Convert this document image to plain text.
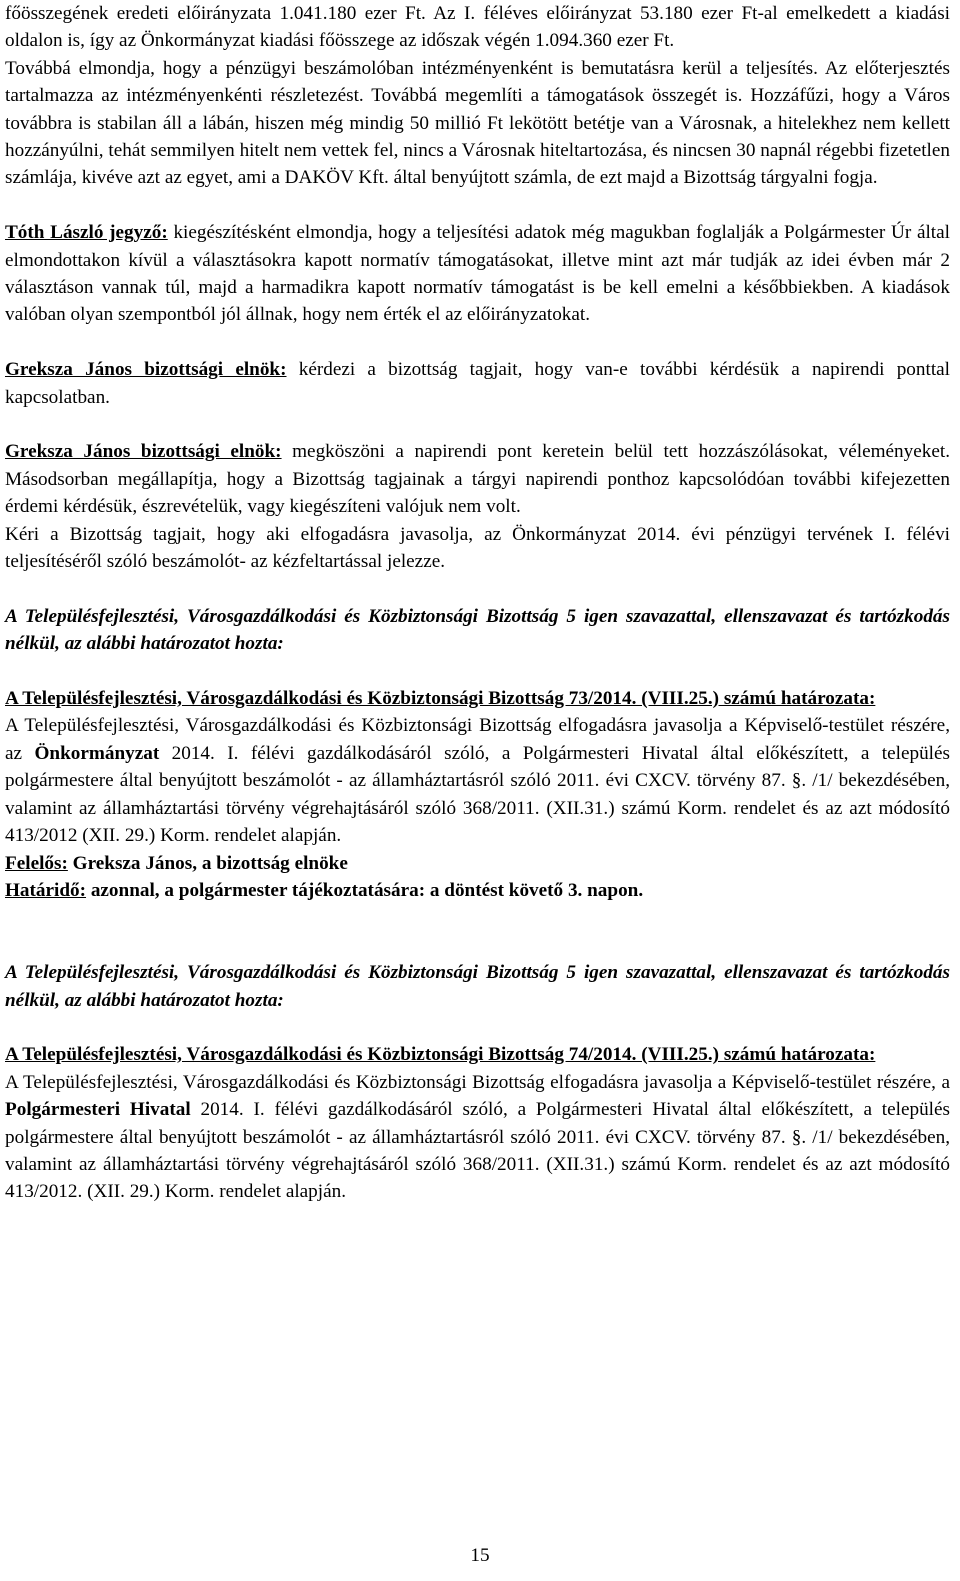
főösszegének eredeti előirányzata 1.041.180 ezer Ft. Az I. féléves előirányzat 53.180 ezer Ft-al emelkedett a kiadási oldalon is, így az Önkormányzat kiadási főösszege az időszak végén 1.094.360 ezer Ft.

Továbbá elmondja, hogy a pénzügyi beszámolóban intézményenként is bemutatásra kerül a teljesítés. Az előterjesztés tartalmazza az intézményenkénti részletezést. Továbbá megemlíti a támogatások összegét is. Hozzáfűzi, hogy a Város továbbra is stabilan áll a lábán, hiszen még mindig 50 millió Ft lekötött betétje van a Városnak, a hitelekhez nem kellett hozzányúlni, tehát semmilyen hitelt nem vettek fel, nincs a Városnak hiteltartozása, és nincsen 30 napnál régebbi fizetetlen számlája, kivéve azt az egyet, ami a DAKÖV Kft. által benyújtott számla, de ezt majd a Bizottság tárgyalni fogja.

Tóth László jegyző: kiegészítésként elmondja, hogy a teljesítési adatok még magukban foglalják a Polgármester Úr által elmondottakon kívül a választásokra kapott normatív támogatásokat, illetve mint azt már tudják az idei évben már 2 választáson vannak túl, majd a harmadikra kapott normatív támogatást is be kell emelni a későbbiekben. A kiadások valóban olyan szempontból jól állnak, hogy nem érték el az előirányzatokat.

Greksza János bizottsági elnök: kérdezi a bizottság tagjait, hogy van-e további kérdésük a napirendi ponttal kapcsolatban.

Greksza János bizottsági elnök: megköszöni a napirendi pont keretein belül tett hozzászólásokat, véleményeket. Másodsorban megállapítja, hogy a Bizottság tagjainak a tárgyi napirendi ponthoz kapcsolódóan további kifejezetten érdemi kérdésük, észrevételük, vagy kiegészíteni valójuk nem volt.

Kéri a Bizottság tagjait, hogy aki elfogadásra javasolja, az Önkormányzat 2014. évi pénzügyi tervének I. félévi teljesítéséről szóló beszámolót- az kézfeltartással jelezze.

A Településfejlesztési, Városgazdálkodási és Közbiztonsági Bizottság 5 igen szavazattal, ellenszavazat és tartózkodás nélkül, az alábbi határozatot hozta:

A Településfejlesztési, Városgazdálkodási és Közbiztonsági Bizottság 73/2014. (VIII.25.) számú határozata:

A Településfejlesztési, Városgazdálkodási és Közbiztonsági Bizottság elfogadásra javasolja a Képviselő-testület részére, az Önkormányzat 2014. I. félévi gazdálkodásáról szóló, a Polgármesteri Hivatal által előkészített, a település polgármestere által benyújtott beszámolót - az államháztartásról szóló 2011. évi CXCV. törvény 87. §. /1/ bekezdésében, valamint az államháztartási törvény végrehajtásáról szóló 368/2011. (XII.31.) számú Korm. rendelet és az azt módosító 413/2012 (XII. 29.) Korm. rendelet alapján.

Felelős: Greksza János, a bizottság elnöke

Határidő: azonnal, a polgármester tájékoztatására: a döntést követő 3. napon.

A Településfejlesztési, Városgazdálkodási és Közbiztonsági Bizottság 5 igen szavazattal, ellenszavazat és tartózkodás nélkül, az alábbi határozatot hozta:

A Településfejlesztési, Városgazdálkodási és Közbiztonsági Bizottság 74/2014. (VIII.25.) számú határozata:

A Településfejlesztési, Városgazdálkodási és Közbiztonsági Bizottság elfogadásra javasolja a Képviselő-testület részére, a Polgármesteri Hivatal 2014. I. félévi gazdálkodásáról szóló, a Polgármesteri Hivatal által előkészített, a település polgármestere által benyújtott beszámolót - az államháztartásról szóló 2011. évi CXCV. törvény 87. §. /1/ bekezdésében, valamint az államháztartási törvény végrehajtásáról szóló 368/2011. (XII.31.) számú Korm. rendelet és az azt módosító 413/2012. (XII. 29.) Korm. rendelet alapján.

15
